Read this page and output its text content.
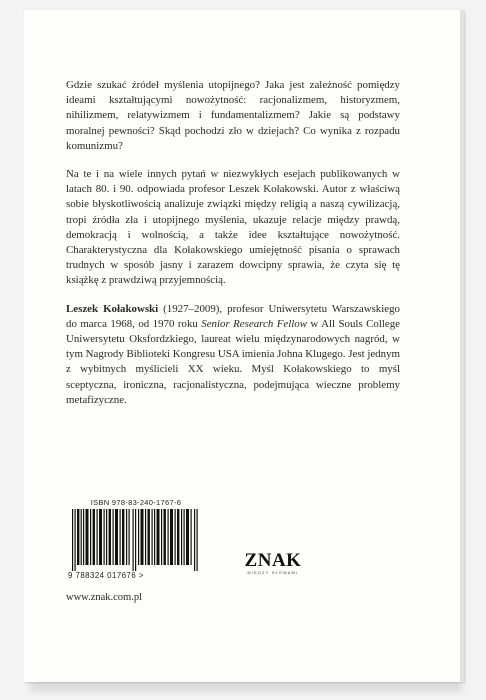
Gdzie szukać źródeł myślenia utopijnego? Jaka jest zależność pomiędzy ideami kształtującymi nowożytność: racjonalizmem, historyzmem, nihilizmem, relatywizmem i fundamentalizmem? Jakie są podstawy moralnej pewności? Skąd pochodzi zło w dziejach? Co wynika z rozpadu komunizmu?

Na te i na wiele innych pytań w niezwykłych esejach publikowanych w latach 80. i 90. odpowiada profesor Leszek Kołakowski. Autor z właściwą sobie błyskotliwością analizuje związki między religią a naszą cywilizacją, tropi źródła zła i utopijnego myślenia, ukazuje relacje między prawdą, demokracją i wolnością, a także idee kształtujące nowożytność. Charakterystyczna dla Kołakowskiego umiejętność pisania o sprawach trudnych w sposób jasny i zarazem dowcipny sprawia, że czyta się tę książkę z prawdziwą przyjemnością.

Leszek Kołakowski (1927–2009), profesor Uniwersytetu Warszawskiego do marca 1968, od 1970 roku Senior Research Fellow w All Souls College Uniwersytetu Oksfordzkiego, laureat wielu międzynarodowych nagród, w tym Nagrody Biblioteki Kongresu USA imienia Johna Klugego. Jest jednym z wybitnych myślicieli XX wieku. Myśl Kołakowskiego to myśl sceptyczna, ironiczna, racjonalistyczna, podejmująca wieczne problemy metafizyczne.

ISBN 978-83-240-1767-6
9 788324 017676 >
www.znak.com.pl
ZNAK
MIĘDZY SŁOWAMI
